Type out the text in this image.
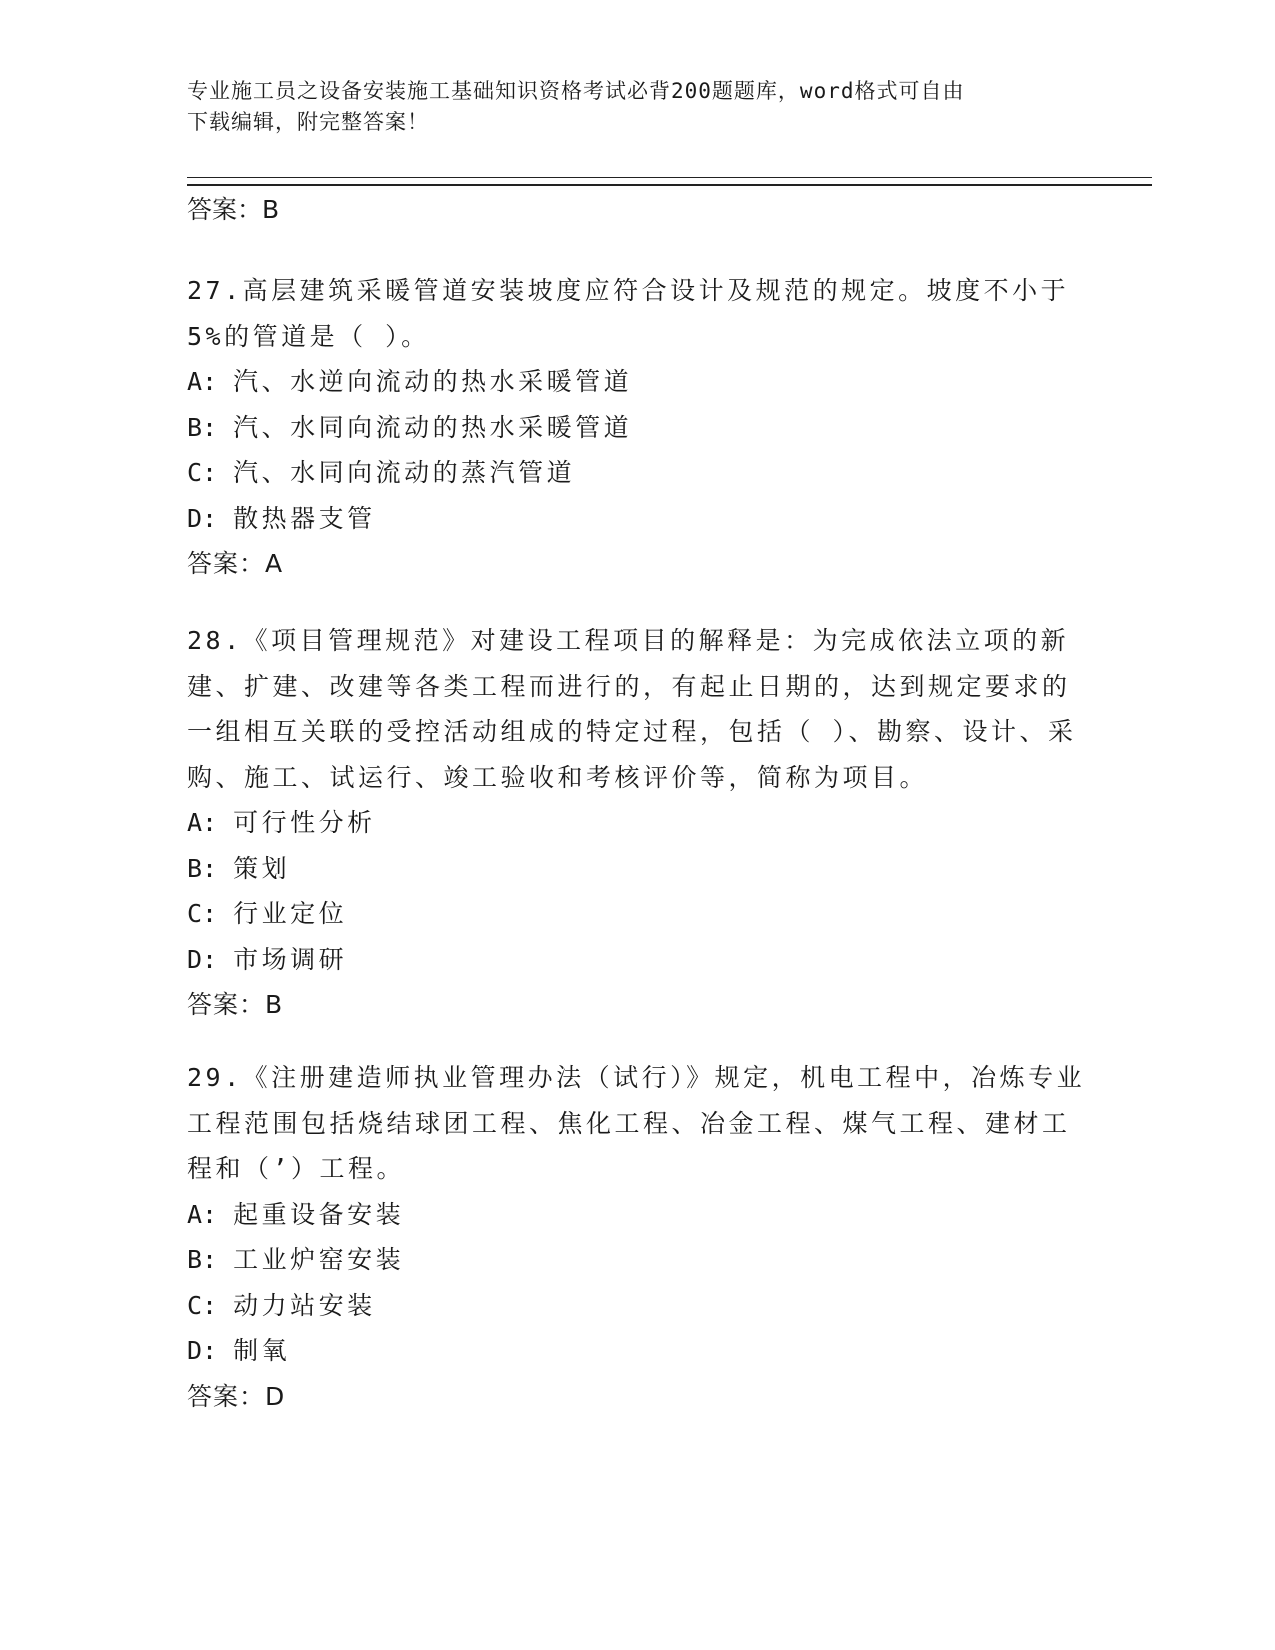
专业施工员之设备安装施工基础知识资格考试必背200题题库，word格式可自由
下载编辑，附完整答案！
答案：B

27.高层建筑采暖管道安装坡度应符合设计及规范的规定。坡度不小于5%的管道是（ ）。

A: 汽、水逆向流动的热水采暖管道
B: 汽、水同向流动的热水采暖管道
C: 汽、水同向流动的蒸汽管道
D: 散热器支管
答案：A

28.《项目管理规范》对建设工程项目的解释是：为完成依法立项的新建、扩建、改建等各类工程而进行的，有起止日期的，达到规定要求的一组相互关联的受控活动组成的特定过程，包括（ ）、勘察、设计、采购、施工、试运行、竣工验收和考核评价等，简称为项目。

A: 可行性分析
B: 策划
C: 行业定位
D: 市场调研
答案：B

29.《注册建造师执业管理办法（试行）》规定，机电工程中，冶炼专业工程范围包括烧结球团工程、焦化工程、冶金工程、煤气工程、建材工程和（’）工程。

A: 起重设备安装
B: 工业炉窑安装
C: 动力站安装
D: 制氧
答案：D
